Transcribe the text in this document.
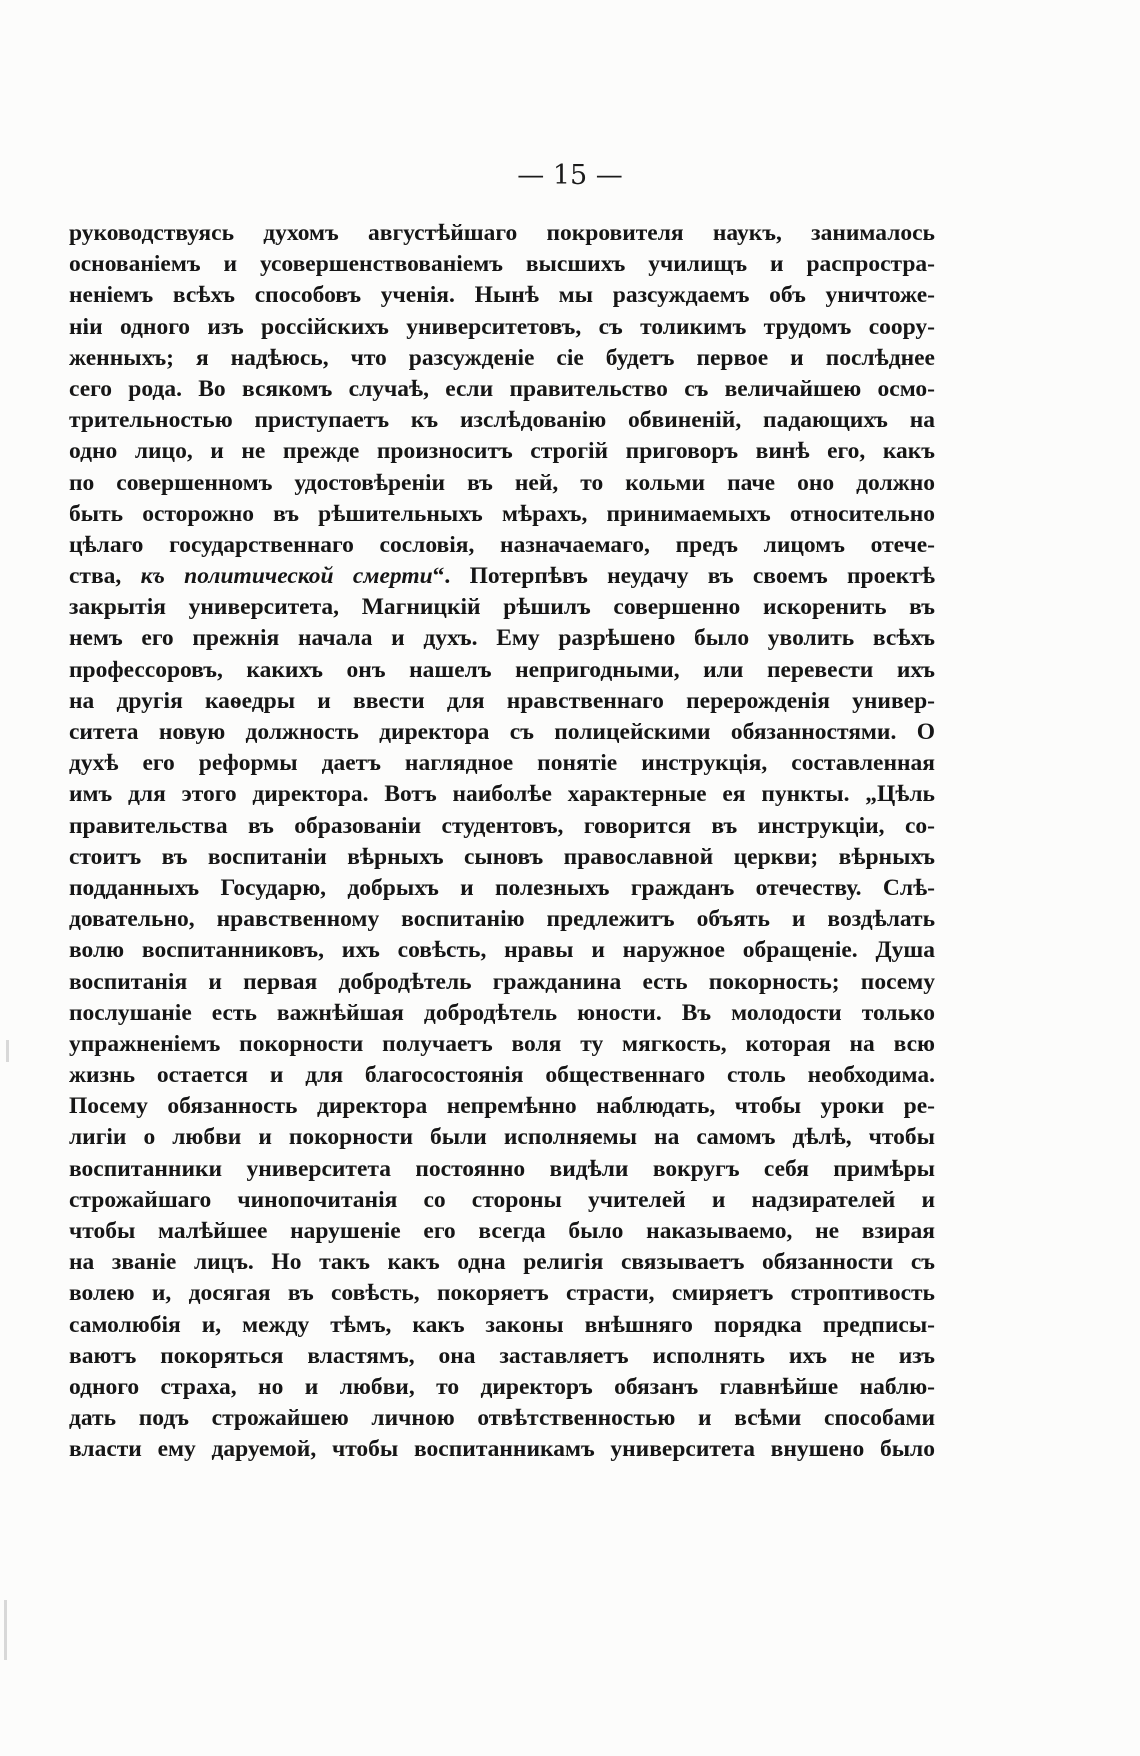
— 15 —
руководствуясь духомъ августѣйшаго покровителя наукъ, занималось
основаніемъ и усовершенствованіемъ высшихъ училищъ и распростра-
неніемъ всѣхъ способовъ ученія. Нынѣ мы разсуждаемъ объ уничтоже-
ніи одного изъ россійскихъ университетовъ, съ толикимъ трудомъ соору-
женныхъ; я надѣюсь, что разсужденіе сіе будетъ первое и послѣднее
сего рода. Во всякомъ случаѣ, если правительство съ величайшею осмо-
трительностью приступаетъ къ изслѣдованію обвиненій, падающихъ на
одно лицо, и не прежде произноситъ строгій приговоръ винѣ его, какъ
по совершенномъ удостовѣреніи въ ней, то кольми паче оно должно
быть осторожно въ рѣшительныхъ мѣрахъ, принимаемыхъ относительно
цѣлаго государственнаго сословія, назначаемаго, предъ лицомъ отече-
ства, къ политической смерти“. Потерпѣвъ неудачу въ своемъ проектѣ
закрытія университета, Магницкій рѣшилъ совершенно искоренить въ
немъ его прежнія начала и духъ. Ему разрѣшено было уволить всѣхъ
профессоровъ, какихъ онъ нашелъ непригодными, или перевести ихъ
на другія каѳедры и ввести для нравственнаго перерожденія универ-
ситета новую должность директора съ полицейскими обязанностями. О
духѣ его реформы даетъ наглядное понятіе инструкція, составленная
имъ для этого директора. Вотъ наиболѣе характерные ея пункты. „Цѣль
правительства въ образованіи студентовъ, говорится въ инструкціи, со-
стоитъ въ воспитаніи вѣрныхъ сыновъ православной церкви; вѣрныхъ
подданныхъ Государю, добрыхъ и полезныхъ гражданъ отечеству. Слѣ-
довательно, нравственному воспитанію предлежитъ объять и воздѣлать
волю воспитанниковъ, ихъ совѣсть, нравы и наружное обращеніе. Душа
воспитанія и первая добродѣтель гражданина есть покорность; посему
послушаніе есть важнѣйшая добродѣтель юности. Въ молодости только
упражненіемъ покорности получаетъ воля ту мягкость, которая на всю
жизнь остается и для благосостоянія общественнаго столь необходима.
Посему обязанность директора непремѣнно наблюдать, чтобы уроки ре-
лигіи о любви и покорности были исполняемы на самомъ дѣлѣ, чтобы
воспитанники университета постоянно видѣли вокругъ себя примѣры
строжайшаго чинопочитанія со стороны учителей и надзирателей и
чтобы малѣйшее нарушеніе его всегда было наказываемо, не взирая
на званіе лицъ. Но такъ какъ одна религія связываетъ обязанности съ
волею и, досягая въ совѣсть, покоряетъ страсти, смиряетъ строптивость
самолюбія и, между тѣмъ, какъ законы внѣшняго порядка предписы-
ваютъ покоряться властямъ, она заставляетъ исполнять ихъ не изъ
одного страха, но и любви, то директоръ обязанъ главнѣйше наблю-
дать подъ строжайшею личною отвѣтственностью и всѣми способами
власти ему даруемой, чтобы воспитанникамъ университета внушено было
